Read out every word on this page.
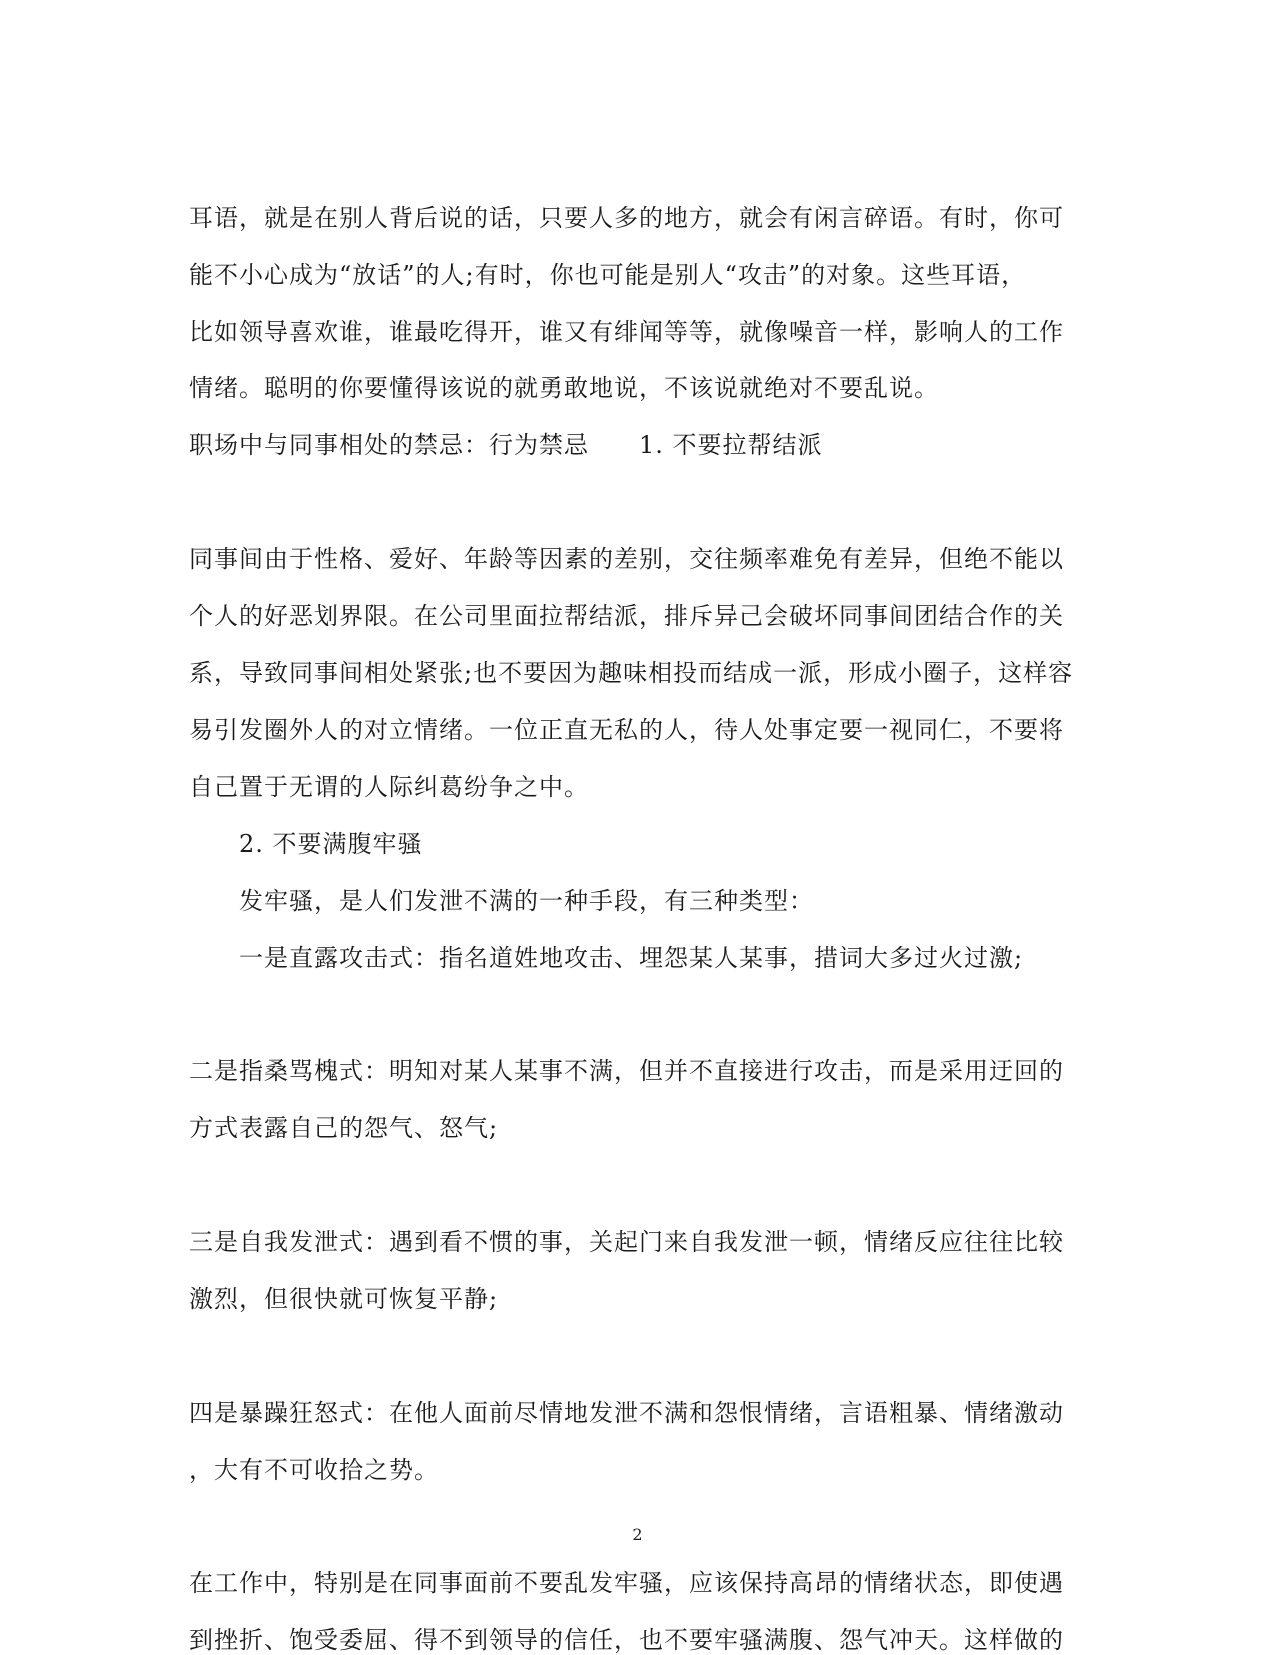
耳语，就是在别人背后说的话，只要人多的地方，就会有闲言碎语。有时，你可
能不小心成为“放话”的人;有时，你也可能是别人“攻击”的对象。这些耳语，
比如领导喜欢谁，谁最吃得开，谁又有绯闻等等，就像噪音一样，影响人的工作
情绪。聪明的你要懂得该说的就勇敢地说，不该说就绝对不要乱说。
职场中与同事相处的禁忌：行为禁忌　　1. 不要拉帮结派
同事间由于性格、爱好、年龄等因素的差别，交往频率难免有差异，但绝不能以
个人的好恶划界限。在公司里面拉帮结派，排斥异己会破坏同事间团结合作的关
系，导致同事间相处紧张;也不要因为趣味相投而结成一派，形成小圈子，这样容
易引发圈外人的对立情绪。一位正直无私的人，待人处事定要一视同仁，不要将
自己置于无谓的人际纠葛纷争之中。
2. 不要满腹牢骚
发牢骚，是人们发泄不满的一种手段，有三种类型：
一是直露攻击式：指名道姓地攻击、埋怨某人某事，措词大多过火过激;
二是指桑骂槐式：明知对某人某事不满，但并不直接进行攻击，而是采用迂回的
方式表露自己的怨气、怒气;
三是自我发泄式：遇到看不惯的事，关起门来自我发泄一顿，情绪反应往往比较
激烈，但很快就可恢复平静;
四是暴躁狂怒式：在他人面前尽情地发泄不满和怨恨情绪，言语粗暴、情绪激动
，大有不可收拾之势。
在工作中，特别是在同事面前不要乱发牢骚，应该保持高昂的情绪状态，即使遇
到挫折、饱受委屈、得不到领导的信任，也不要牢骚满腹、怨气冲天。这样做的
2
